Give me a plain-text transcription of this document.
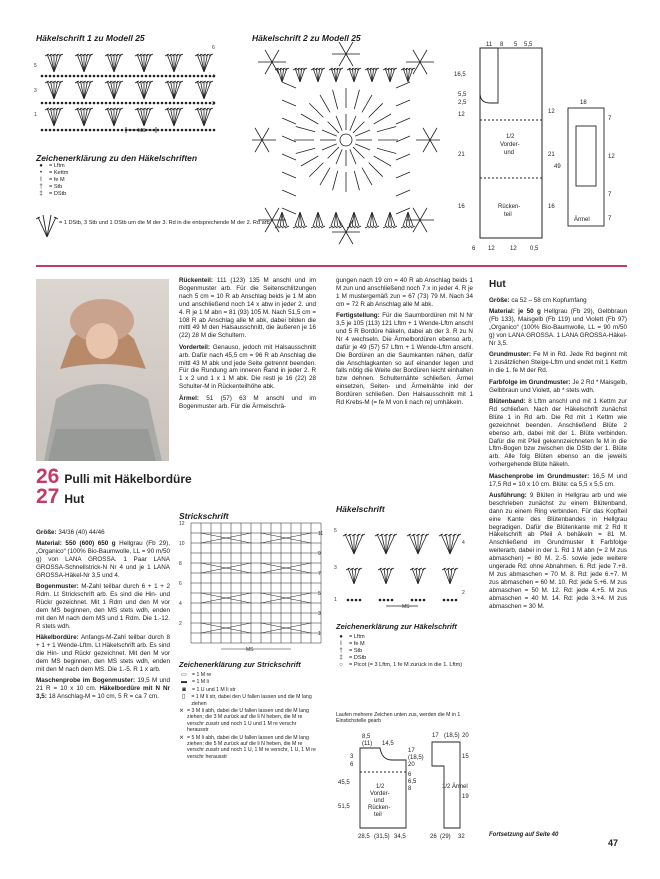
Häkelschrift 1 zu Modell 25	Häkelschrift 2 zu Modell 25
6
4
2
5
3
1
MS
Zeichenerklärung zu den Häkelschriften
●	= Lftm
•	= Kettm
I	= fe M
†	= Stb
‡	= DStb
= 1 DStb, 3 Stb und 1 DStb um die M der 3. Rd in die entsprechende M der 2. Rd arb
11 8 5 5,5
16,5
5,5
2,5
12
21
16
12
21
16
1/2
Vorder-
und
Rücken-
teil
6 12	12 0,5
18
7
12
7
7
49
Ärmel
26 Pulli mit Häkelbordüre
27 Hut

Größe: 34/36 (40) 44/46

Material: 550 (600) 650 g Hellgrau (Fb 29), „Organico“ (100% Bio-Baumwolle, LL = 90 m/50 g) von LANA GROSSA. 1 Paar LANA GROSSA-Schnellstrick-N Nr 4 und je 1 LANA GROSSA-Häkel-Nr 3,5 und 4.

Bogenmuster: M-Zahl teilbar durch 6 + 1 + 2 Rdm. Lt Strickschrift arb. Es sind die Hin- und Rückr gezeichnet. Mit 1 Rdm und den M vor dem MS beginnen, den MS stets wdh, enden mit den M nach dem MS und 1 Rdm. Die 1.-12. R stets wdh.

Häkelbordüre: Anfangs-M-Zahl teilbar durch 8 + 1 + 1 Wende-Lftm. Lt Häkelschrift arb. Es sind die Hin- und Rückr gezeichnet. Mit den M vor dem MS beginnen, den MS stets wdh, enden mit den M nach dem MS. Die 1.-5. R 1 x arb.

Maschenprobe im Bogenmuster: 19,5 M und 21 R = 10 x 10 cm. Häkelbordüre mit N Nr 3,5: 18 Anschlag-M = 10 cm, 5 R = ca 7 cm.

Rückenteil: 111 (123) 135 M anschl und im Bogenmuster arb. Für die Seitenschlitzungen nach 5 cm = 10 R ab Anschlag beids je 1 M abn und anschließend noch 14 x abw in jeder 2. und 4. R je 1 M abn = 81 (93) 105 M. Nach 51,5 cm = 108 R ab Anschlag alle M abk, dabei bilden die mittl 49 M den Halsausschnitt, die äußeren je 16 (22) 28 M die Schultern.

Vorderteil: Genauso, jedoch mit Halsausschnitt arb. Dafür nach 45,5 cm = 96 R ab Anschlag die mittl 43 M abk und jede Seite getrennt beenden. Für die Rundung am inneren Rand in jeder 2. R 1 x 2 und 1 x 1 M abk. Die restl je 16 (22) 28 Schulter-M in Rückenteilhöhe abk.

Ärmel: 51 (57) 63 M anschl und im Bogenmuster arb. Für die Ärmelschrä-

Strickschrift
12
10
8
6
4
2
11
9
7
5
3
1
MS
Zeichenerklärung zur Strickschrift
▭ = 1 M re
▬ = 1 M li
◙	= 1 U und 1 M li str
▯	= 1 M li str, dabei den U fallen lassen und die M lang ziehen
⨯ = 3 M li abh, dabei die U fallen lassen und die M lang ziehen; die 3 M zurück auf die li N heben, die M re verschr zusstr und noch 1 U und 1 M re verschr herausstr
⨯ = 5 M li abh, dabei die U fallen lassen und die M lang ziehen; die 5 M zurück auf die li N heben, die M re verschr zusstr und noch 1 U, 1 M re verschr, 1 U, 1 M re verschr herausstr

gungen nach 19 cm = 40 R ab Anschlag beids 1 M zun und anschließend noch 7 x in jeder 4. R je 1 M mustergemäß zun = 67 (73) 79 M. Nach 34 cm = 72 R ab Anschlag alle M abk.

Fertigstellung: Für die Saumbordüren mit N Nr 3,5 je 105 (113) 121 Lftm + 1 Wende-Lftm anschl und 5 R Bordüre häkeln, dabei ab der 3. R zu N Nr 4 wechseln. Die Ärmelbordüren ebenso arb, dafür je 49 (57) 57 Lftm + 1 Wende-Lftm anschl. Die Bordüren an die Saumkanten nähen, dafür die Anschlagkanten so auf einander legen und falls nötig die Weite der Bordüren leicht einhalten bzw dehnen. Schulternähte schließen. Ärmel einsetzen, Seiten- und Ärmelnähte inkl der Bordüren schließen. Den Halsausschnitt mit 1 Rd Krebs-M (= fe M von li nach re) umhäkeln.

Häkelschrift
4
2
5
3
1
MS
Zeichenerklärung zur Häkelschrift
●	= Lftm
I	= fe M
†	= Stb
‡	= DStb
○	= Picot (= 3 Lftm, 1 fe M zurück in die 1. Lftm)
Laufen mehrere Zeichen unten zus, werden die M in 1 Einstichstelle gearb
8,5
(11) 14,5
17
(18,5)
20
6
6,5
8
45,5
3
6
51,5
1/2
Vorder-
und
Rücken-
teil
28,5 (31,5) 34,5
17 (18,5) 20
15
19
1/2 Ärmel
26 (29) 32
Hut

Größe: ca 52 – 58 cm Kopfumfang

Material: je 50 g Hellgrau (Fb 29), Gelbbraun (Fb 133), Maisgelb (Fb 119) und Violett (Fb 97) „Organico“ (100% Bio-Baumwolle, LL = 90 m/50 g) von LANA GROSSA. 1 LANA GROSSA-Häkel-Nr 3,5.

Grundmuster: Fe M in Rd. Jede Rd beginnt mit 1 zusätzlichen Steige-Lftm und endet mit 1 Kettm in die 1. fe M der Rd.

Farbfolge im Grundmuster: Je 2 Rd * Maisgelb, Gelbbraun und Violett, ab * stets wdh.

Blütenband: 8 Lftm anschl und mit 1 Kettm zur Rd schließen. Nach der Häkelschrift zunächst Blüte 1 in Rd arb. Die Rd mit 1 Kettm wie gezeichnet beenden. Anschließend Blüte 2 ebenso arb, dabei mit der 1. Blüte verbinden. Dafür die mit Pfeil gekennzeichneten fe M in die Lftm-Bogen bzw zwischen die DStb der 1. Blüte arb. Alle folg Blüten ebenso an die jeweils vorhergehende Blüte häkeln.

Maschenprobe im Grundmuster: 16,5 M und 17,5 Rd = 10 x 10 cm. Blüte: ca 5,5 x 5,5 cm.

Ausführung: 9 Blüten in Hellgrau arb und wie beschrieben zunächst zu einem Blütenband, dann zu einem Ring verbinden. Für das Kopfteil eine Kante des Blütenbandes in Hellgrau begradigen. Dafür die Blütenkante mit 2 Rd lt Häkelschrift ab Pfeil A behäkeln = 81 M. Anschließend im Grundmuster lt Farbfolge weiterarb, dabei in der 1. Rd 1 M abn (= 2 M zus abmaschen) = 80 M. 2.-5. sowie jede weitere ungerade Rd: ohne Abnahmen. 6. Rd: jede 7.+8. M zus abmaschen = 70 M. 8. Rd: jede 6.+7. M zus abmaschen = 60 M. 10. Rd: jede 5.+6. M zus abmaschen = 50 M. 12. Rd: jede 4.+5. M zus abmaschen = 40 M. 14. Rd: jede 3.+4. M zus abmaschen = 30 M.

Fortsetzung auf Seite 40
47
